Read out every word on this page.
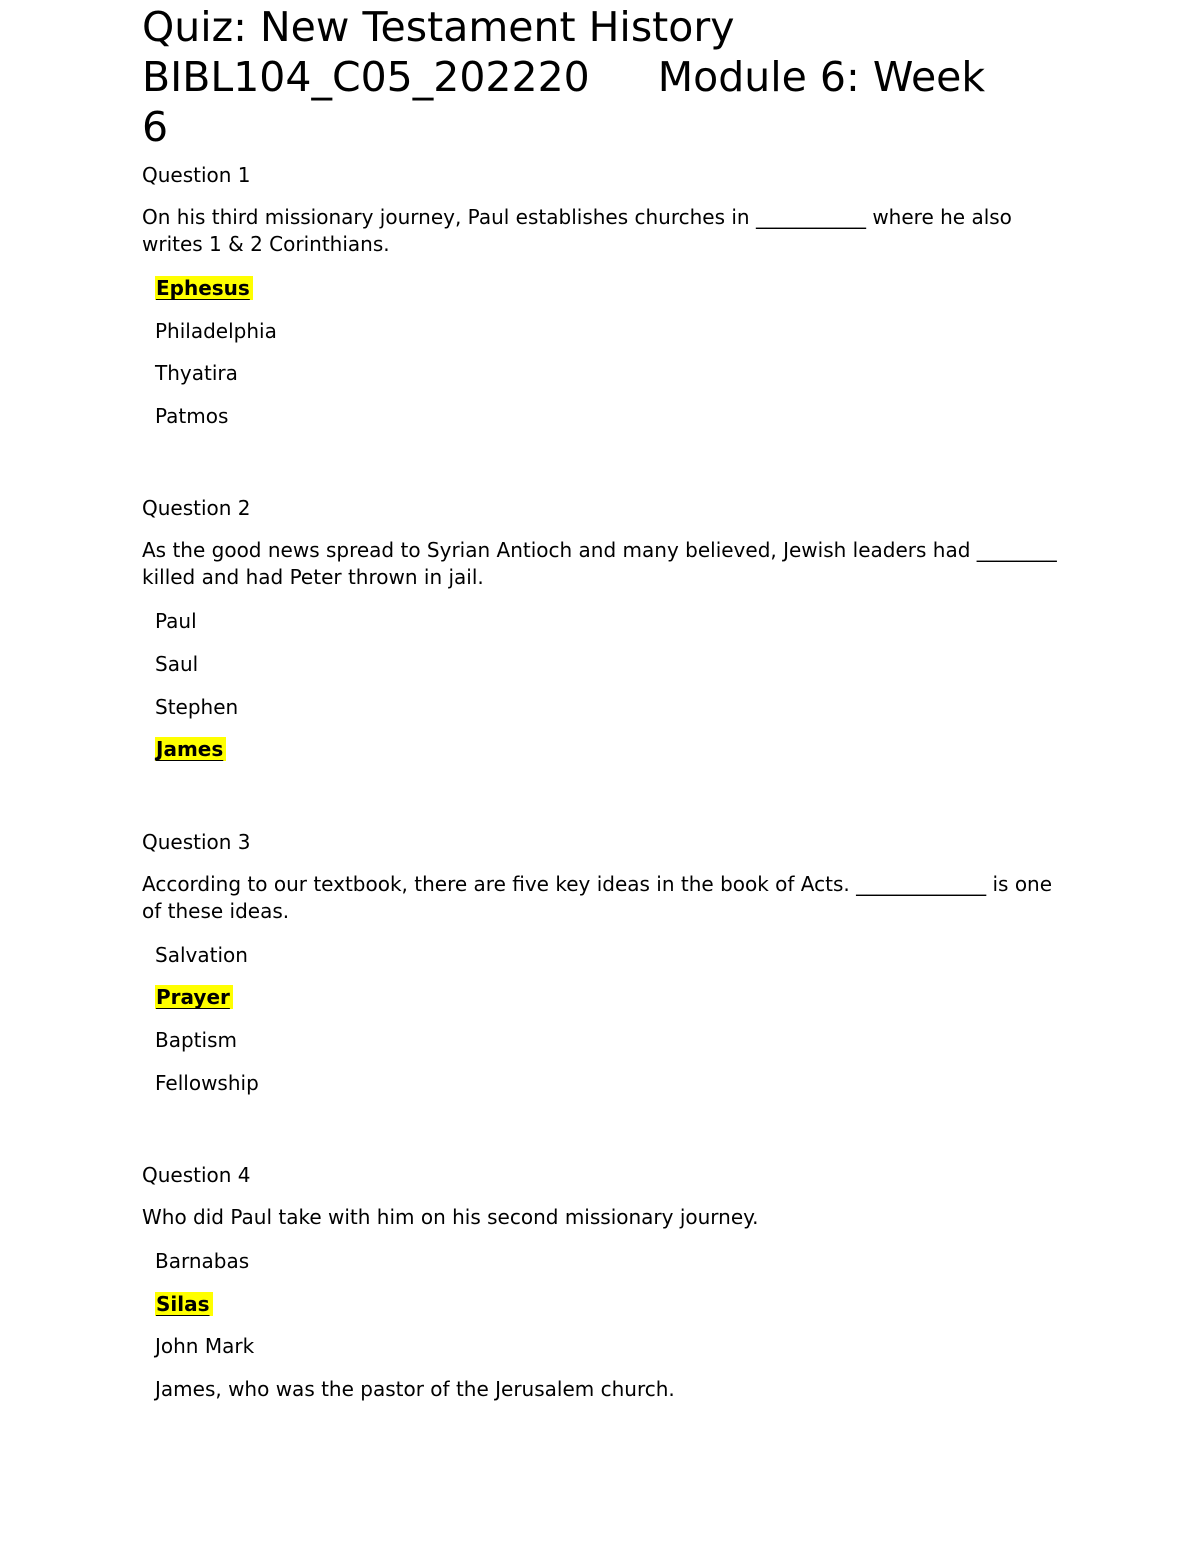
Quiz: New Testament History
BIBL104_C05_202220 Module 6: Week
6
Question 1
On his third missionary journey, Paul establishes churches in ___________ where he also writes 1 & 2 Corinthians.
Ephesus
Philadelphia
Thyatira
Patmos
Question 2
As the good news spread to Syrian Antioch and many believed, Jewish leaders had ________ killed and had Peter thrown in jail.
Paul
Saul
Stephen
James
Question 3
According to our textbook, there are five key ideas in the book of Acts. _____________ is one of these ideas.
Salvation
Prayer
Baptism
Fellowship
Question 4
Who did Paul take with him on his second missionary journey.
Barnabas
Silas
John Mark
James, who was the pastor of the Jerusalem church.
